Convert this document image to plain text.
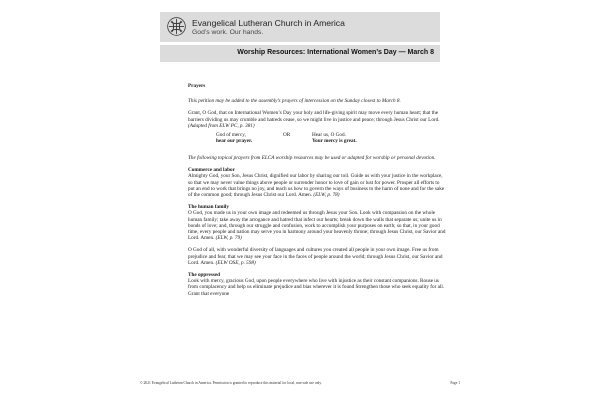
Evangelical Lutheran Church in America
God’s work. Our hands.
Worship Resources: International Women’s Day — March 8

Prayers

This petition may be added to the assembly’s prayers of intercession on the Sunday closest to March 8.

Grant, O God, that on International Women’s Day your holy and life-giving spirit may move every human heart; that the barriers dividing us may crumble and hatreds cease, so we might live in justice and peace; through Jesus Christ our Lord. (Adapted from ELW PC, p. 381)

God of mercy,
hear our prayer.
OR	Hear us, O God.
Your mercy is great.

The following topical prayers from ELCA worship resources may be used or adapted for worship or personal devotion.

Commerce and labor

Almighty God, your Son, Jesus Christ, dignified our labor by sharing our toil. Guide us with your justice in the workplace, so that we may never value things above people or surrender honor to love of gain or lust for power. Prosper all efforts to put an end to work that brings no joy, and teach us how to govern the ways of business to the harm of none and for the sake of the common good; through Jesus Christ our Lord. Amen. (ELW, p. 78)

The human family

O God, you made us in your own image and redeemed us through Jesus your Son. Look with compassion on the whole human family; take away the arrogance and hatred that infect our hearts; break down the walls that separate us; unite us in bonds of love; and, through our struggle and confusion, work to accomplish your purposes on earth; so that, in your good time, every people and nation may serve you in harmony around your heavenly throne; through Jesus Christ, our Savior and Lord. Amen. (ELW, p. 79)

O God of all, with wonderful diversity of languages and cultures you created all people in your own image. Free us from prejudice and fear, that we may see your face in the faces of people around the world; through Jesus Christ, our Savior and Lord. Amen. (ELW OSE, p. 598)

The oppressed

Look with mercy, gracious God, upon people everywhere who live with injustice as their constant companions. Rouse us from complacency and help us eliminate prejudice and bias wherever it is found Strengthen those who seek equality for all. Grant that everyone

© 2021 Evangelical Lutheran Church in America. Permission is granted to reproduce this material for local, non-sale use only.	Page 1
